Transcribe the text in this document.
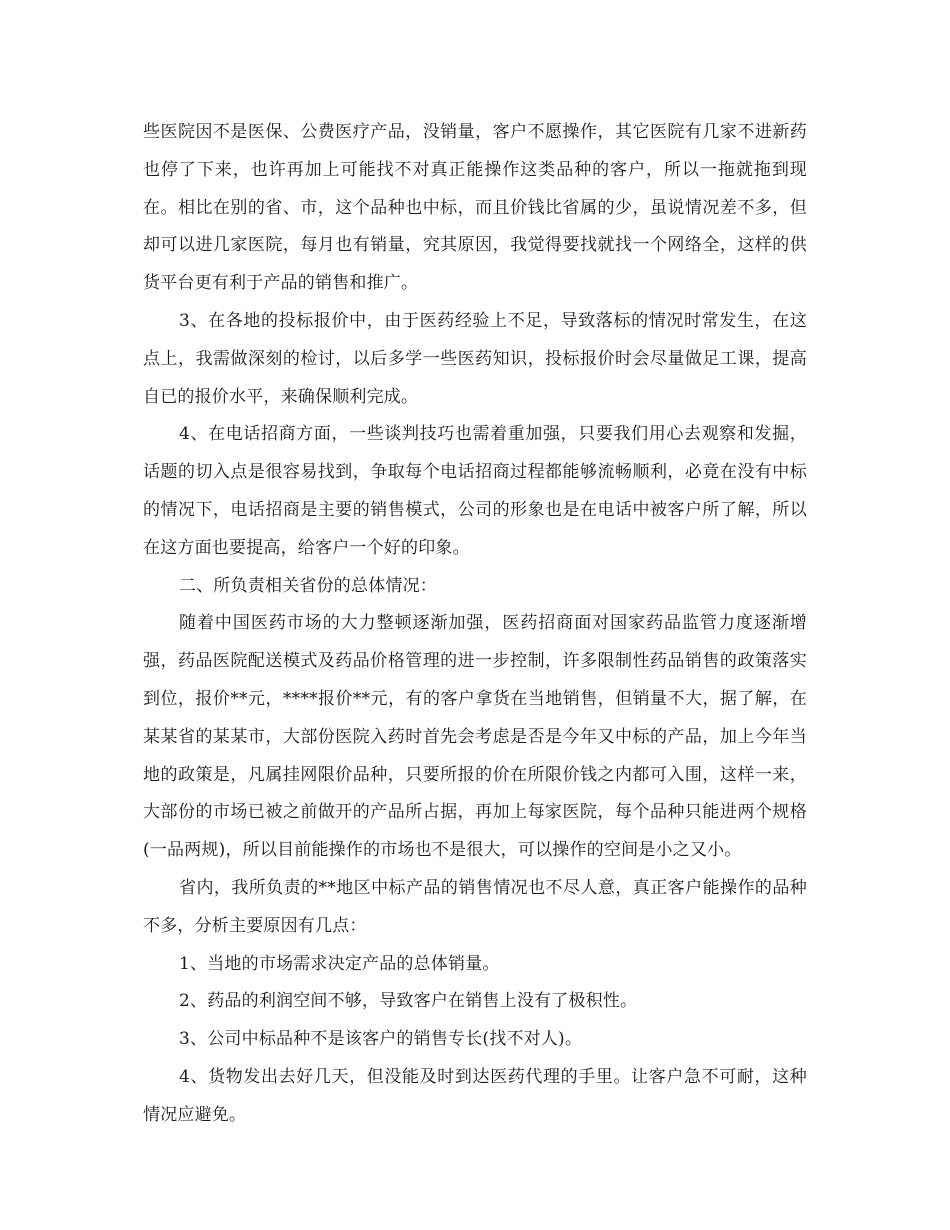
些医院因不是医保、公费医疗产品，没销量，客户不愿操作，其它医院有几家不进新药也停了下来，也许再加上可能找不对真正能操作这类品种的客户，所以一拖就拖到现在。相比在别的省、市，这个品种也中标，而且价钱比省属的少，虽说情况差不多，但却可以进几家医院，每月也有销量，究其原因，我觉得要找就找一个网络全，这样的供货平台更有利于产品的销售和推广。

3、在各地的投标报价中，由于医药经验上不足，导致落标的情况时常发生，在这点上，我需做深刻的检讨，以后多学一些医药知识，投标报价时会尽量做足工课，提高自已的报价水平，来确保顺利完成。

4、在电话招商方面，一些谈判技巧也需着重加强，只要我们用心去观察和发掘，话题的切入点是很容易找到，争取每个电话招商过程都能够流畅顺利，必竟在没有中标的情况下，电话招商是主要的销售模式，公司的形象也是在电话中被客户所了解，所以在这方面也要提高，给客户一个好的印象。

二、所负责相关省份的总体情况：

随着中国医药市场的大力整顿逐渐加强，医药招商面对国家药品监管力度逐渐增强，药品医院配送模式及药品价格管理的进一步控制，许多限制性药品销售的政策落实到位，报价**元，****报价**元，有的客户拿货在当地销售，但销量不大，据了解，在某某省的某某市，大部份医院入药时首先会考虑是否是今年又中标的产品，加上今年当地的政策是，凡属挂网限价品种，只要所报的价在所限价钱之内都可入围，这样一来，大部份的市场已被之前做开的产品所占据，再加上每家医院，每个品种只能进两个规格(一品两规)，所以目前能操作的市场也不是很大，可以操作的空间是小之又小。

省内，我所负责的**地区中标产品的销售情况也不尽人意，真正客户能操作的品种不多，分析主要原因有几点：

1、当地的市场需求决定产品的总体销量。

2、药品的利润空间不够，导致客户在销售上没有了极积性。

3、公司中标品种不是该客户的销售专长(找不对人)。

4、货物发出去好几天，但没能及时到达医药代理的手里。让客户急不可耐，这种情况应避免。
